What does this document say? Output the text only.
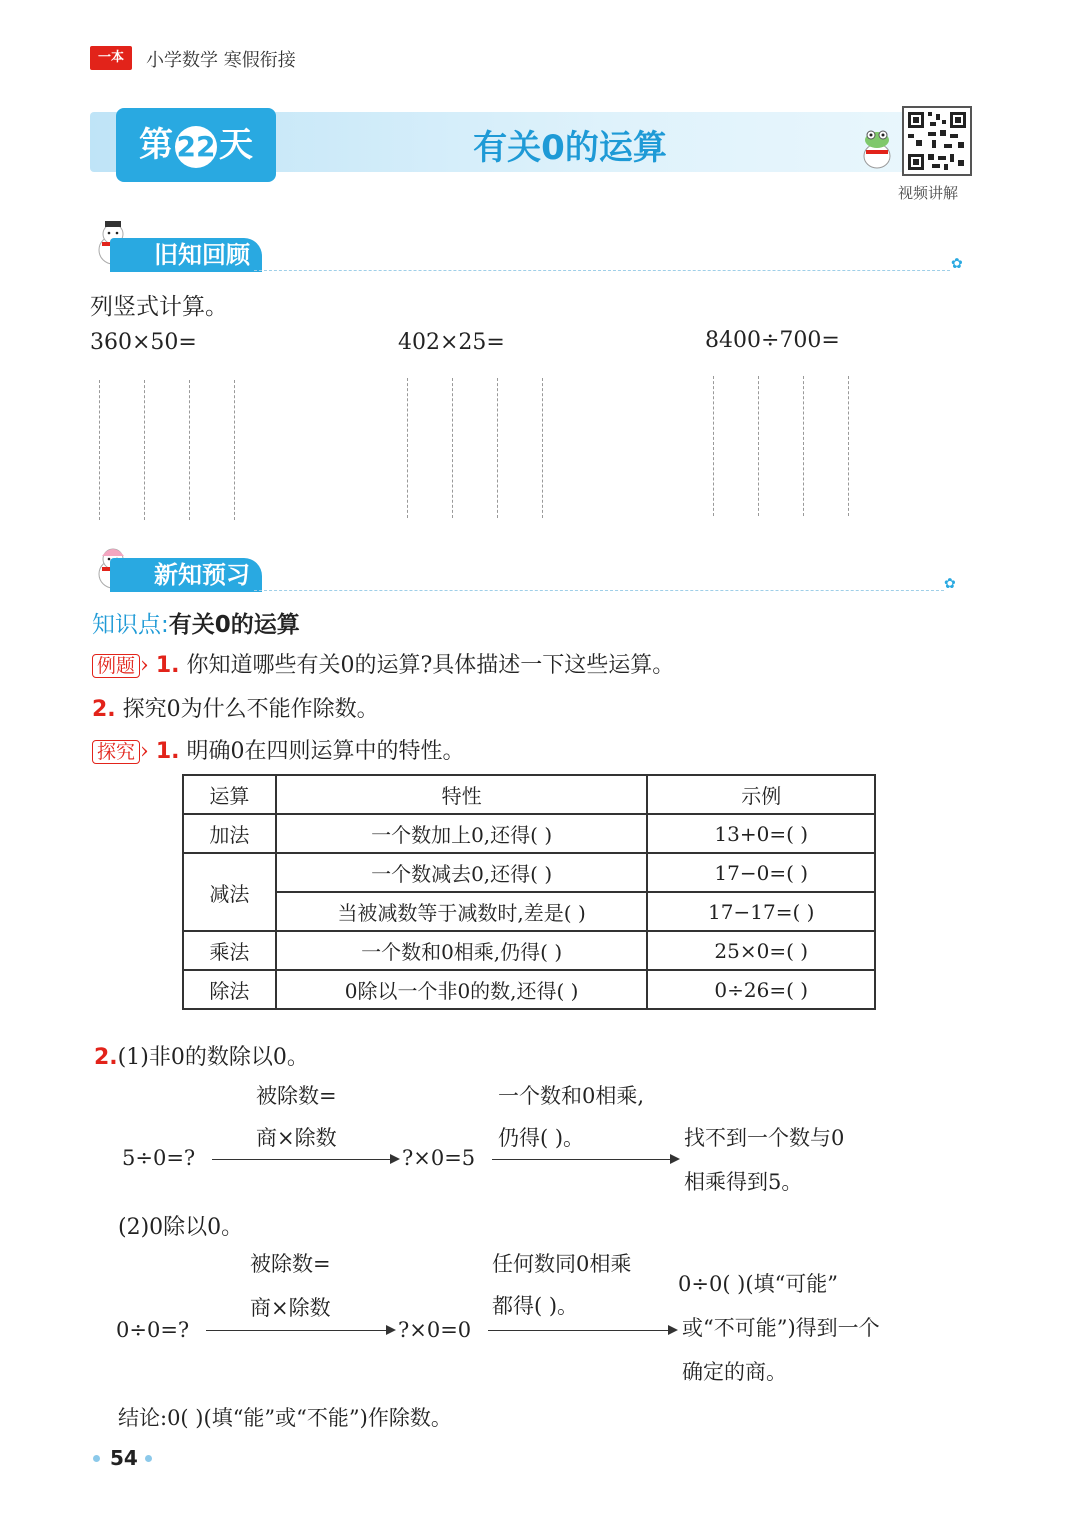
一本	小学数学 寒假衔接
第 22 天	有关0的运算
视频讲解
旧知回顾	✿
列竖式计算。
360×50=	402×25=	8400÷700=
新知预习	✿
知识点:有关0的运算
例题 › 1. 你知道哪些有关0的运算?具体描述一下这些运算。
2. 探究0为什么不能作除数。
探究 › 1. 明确0在四则运算中的特性。
运算	特性	示例
加法	一个数加上0,还得( )	13+0=( )
减法	一个数减去0,还得( )	17−0=( )
	当被减数等于减数时,差是( )	17−17=( )
乘法	一个数和0相乘,仍得( )	25×0=( )
除法	0除以一个非0的数,还得( )	0÷26=( )
2.(1)非0的数除以0。
被除数=
商×除数
5÷0=?	?×0=5
一个数和0相乘,
仍得( )。	找不到一个数与0
相乘得到5。
(2)0除以0。
被除数=
商×除数
0÷0=?	?×0=0
任何数同0相乘
都得( )。
0÷0( )(填“可能”
或“不可能”)得到一个
确定的商。
结论:0( )(填“能”或“不能”)作除数。
54
